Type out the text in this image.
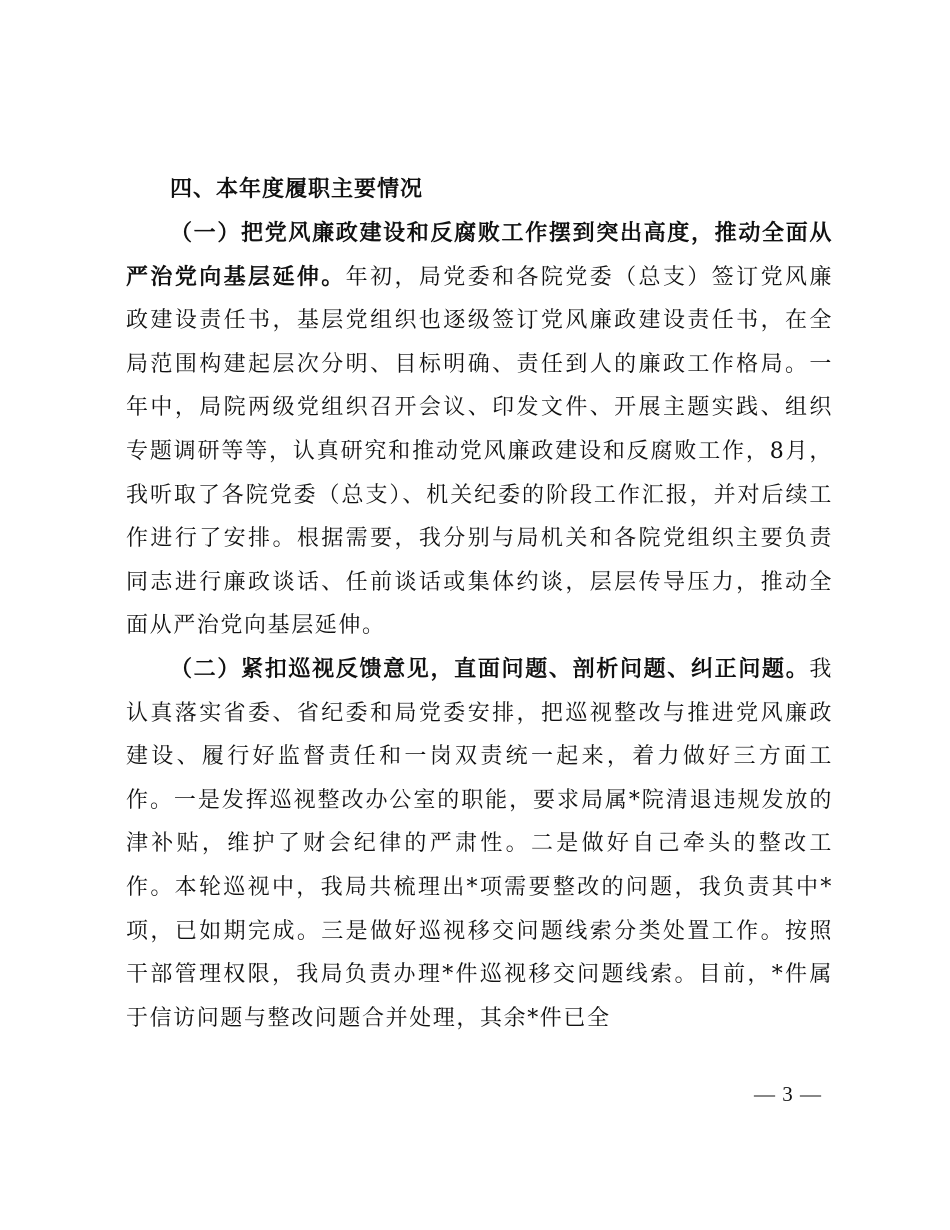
四、本年度履职主要情况

（一）把党风廉政建设和反腐败工作摆到突出高度，推动全面从严治党向基层延伸。年初，局党委和各院党委（总支）签订党风廉政建设责任书，基层党组织也逐级签订党风廉政建设责任书，在全局范围构建起层次分明、目标明确、责任到人的廉政工作格局。一年中，局院两级党组织召开会议、印发文件、开展主题实践、组织专题调研等等，认真研究和推动党风廉政建设和反腐败工作，8月，我听取了各院党委（总支）、机关纪委的阶段工作汇报，并对后续工作进行了安排。根据需要，我分别与局机关和各院党组织主要负责同志进行廉政谈话、任前谈话或集体约谈，层层传导压力，推动全面从严治党向基层延伸。

（二）紧扣巡视反馈意见，直面问题、剖析问题、纠正问题。我认真落实省委、省纪委和局党委安排，把巡视整改与推进党风廉政建设、履行好监督责任和一岗双责统一起来，着力做好三方面工作。一是发挥巡视整改办公室的职能，要求局属*院清退违规发放的津补贴，维护了财会纪律的严肃性。二是做好自己牵头的整改工作。本轮巡视中，我局共梳理出*项需要整改的问题，我负责其中*项，已如期完成。三是做好巡视移交问题线索分类处置工作。按照干部管理权限，我局负责办理*件巡视移交问题线索。目前，*件属于信访问题与整改问题合并处理，其余*件已全

— 3 —
